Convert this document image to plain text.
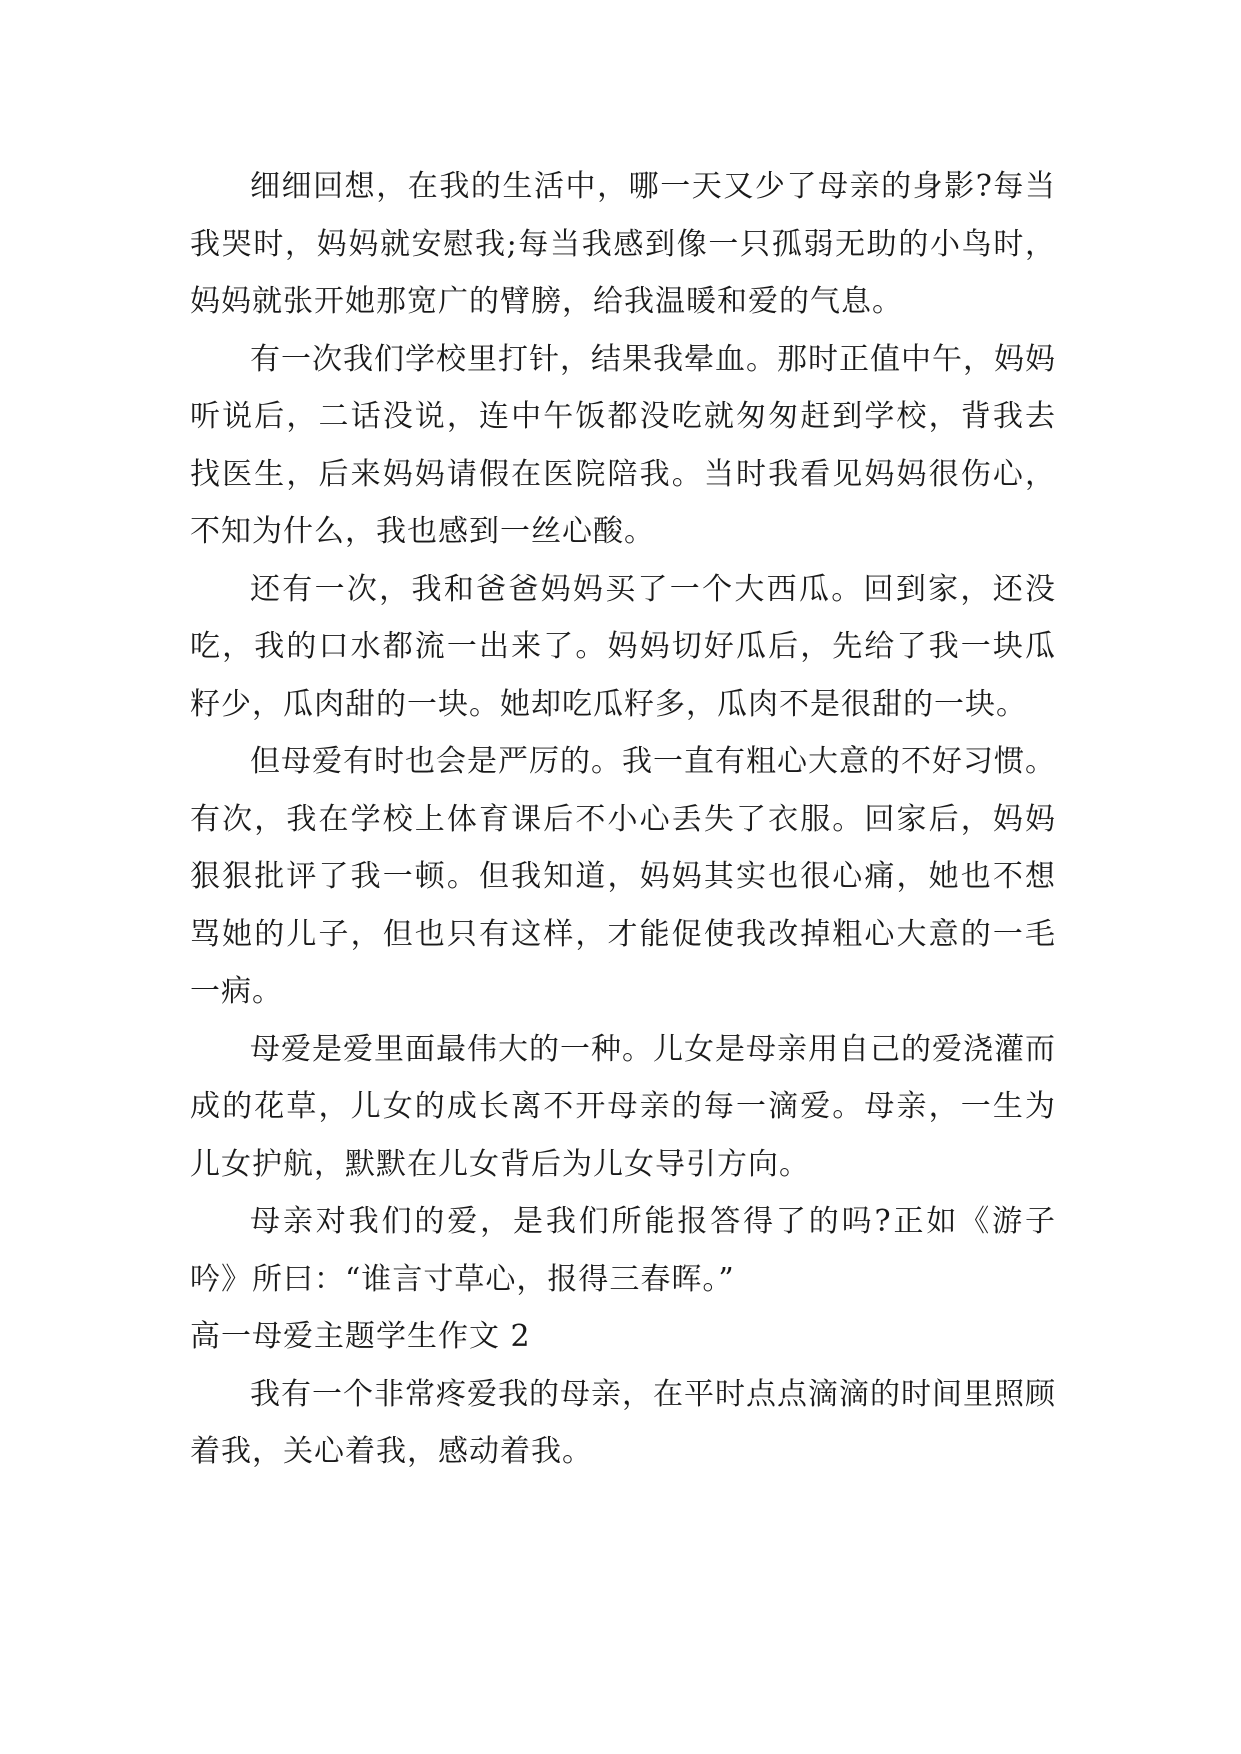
细细回想，在我的生活中，哪一天又少了母亲的身影?每当我哭时，妈妈就安慰我;每当我感到像一只孤弱无助的小鸟时，妈妈就张开她那宽广的臂膀，给我温暖和爱的气息。

有一次我们学校里打针，结果我晕血。那时正值中午，妈妈听说后，二话没说，连中午饭都没吃就匆匆赶到学校，背我去找医生，后来妈妈请假在医院陪我。当时我看见妈妈很伤心，不知为什么，我也感到一丝心酸。

还有一次，我和爸爸妈妈买了一个大西瓜。回到家，还没吃，我的口水都流一出来了。妈妈切好瓜后，先给了我一块瓜籽少，瓜肉甜的一块。她却吃瓜籽多，瓜肉不是很甜的一块。

但母爱有时也会是严厉的。我一直有粗心大意的不好习惯。有次，我在学校上体育课后不小心丢失了衣服。回家后，妈妈狠狠批评了我一顿。但我知道，妈妈其实也很心痛，她也不想骂她的儿子，但也只有这样，才能促使我改掉粗心大意的一毛一病。

母爱是爱里面最伟大的一种。儿女是母亲用自己的爱浇灌而成的花草，儿女的成长离不开母亲的每一滴爱。母亲，一生为儿女护航，默默在儿女背后为儿女导引方向。

母亲对我们的爱，是我们所能报答得了的吗?正如《游子吟》所曰：“谁言寸草心，报得三春晖。”

高一母爱主题学生作文 2

我有一个非常疼爱我的母亲，在平时点点滴滴的时间里照顾着我，关心着我，感动着我。
